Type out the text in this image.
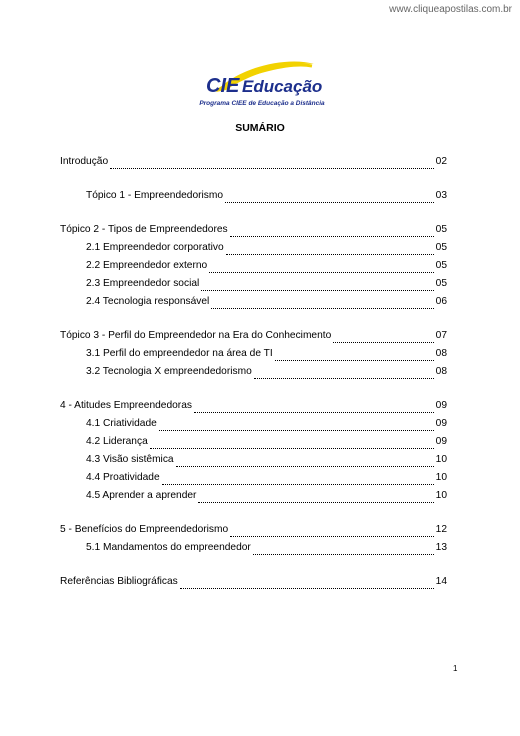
www.cliqueapostilas.com.br
CIE Educação
Programa CIEE de Educação a Distância
SUMÁRIO
Introdução	02
Tópico 1 - Empreendedorismo	03
Tópico 2 - Tipos de Empreendedores	05
2.1 Empreendedor corporativo	05
2.2 Empreendedor externo	05
2.3 Empreendedor social	05
2.4 Tecnologia responsável	06
Tópico 3 - Perfil do Empreendedor na Era do Conhecimento	07
3.1 Perfil do empreendedor na área de TI	08
3.2 Tecnologia X empreendedorismo	08
4 - Atitudes Empreendedoras	09
4.1 Criatividade	09
4.2 Liderança	09
4.3 Visão sistêmica	10
4.4 Proatividade	10
4.5 Aprender a aprender	10
5 - Benefícios do Empreendedorismo	12
5.1 Mandamentos do empreendedor	13
Referências Bibliográficas	14
1
